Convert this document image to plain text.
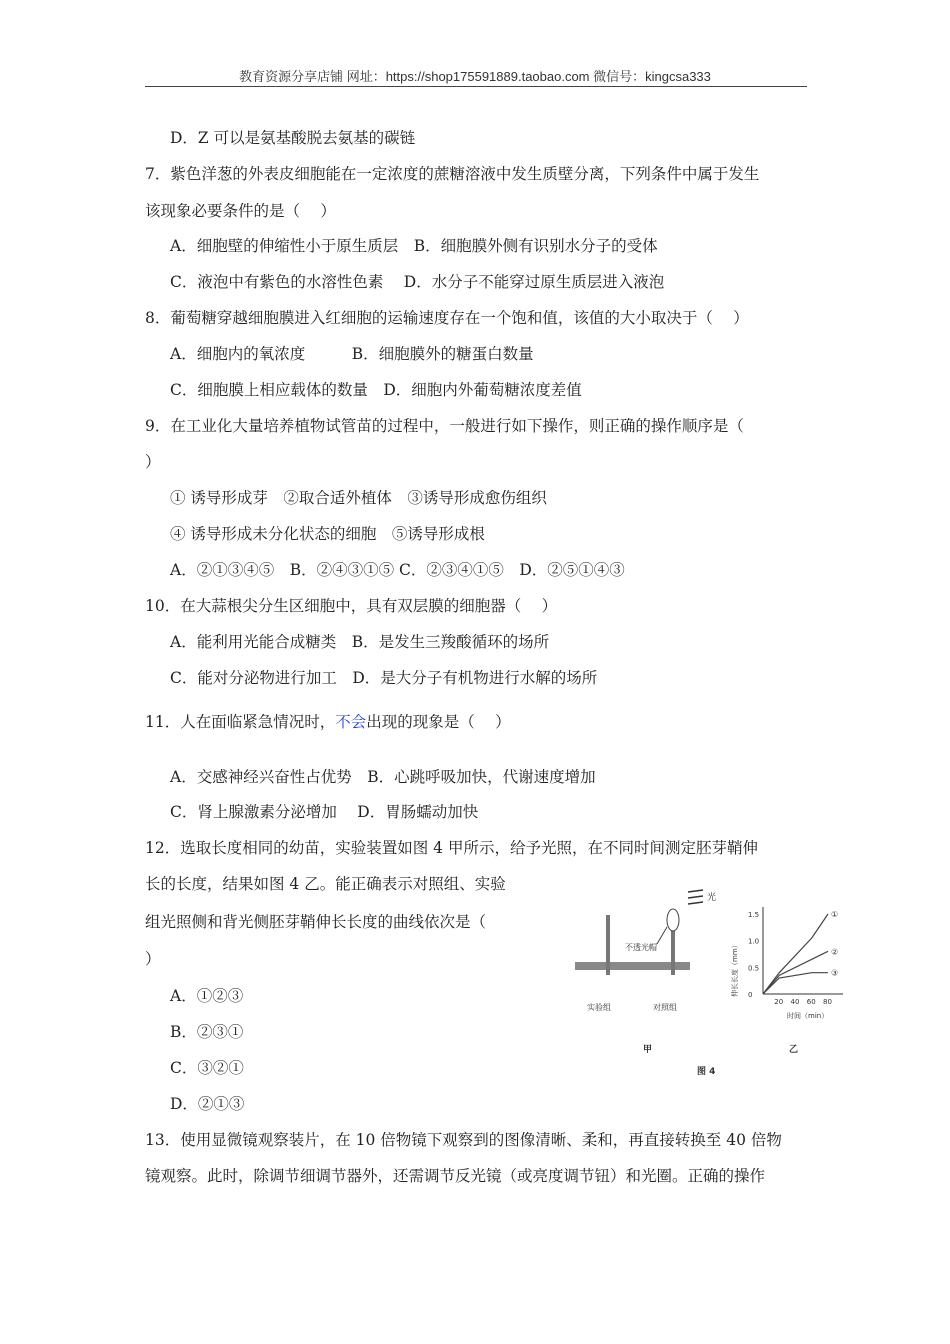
教育资源分享店铺 网址：https://shop175591889.taobao.com 微信号：kingcsa333
D．Z 可以是氨基酸脱去氨基的碳链
7．紫色洋葱的外表皮细胞能在一定浓度的蔗糖溶液中发生质壁分离，下列条件中属于发生
该现象必要条件的是（　 ）
A．细胞壁的伸缩性小于原生质层　B．细胞膜外侧有识别水分子的受体
C．液泡中有紫色的水溶性色素　 D．水分子不能穿过原生质层进入液泡
8．葡萄糖穿越细胞膜进入红细胞的运输速度存在一个饱和值，该值的大小取决于（　 ）
A．细胞内的氧浓度　　　B．细胞膜外的糖蛋白数量
C．细胞膜上相应载体的数量　D．细胞内外葡萄糖浓度差值
9．在工业化大量培养植物试管苗的过程中，一般进行如下操作，则正确的操作顺序是（
）
① 诱导形成芽　②取合适外植体　③诱导形成愈伤组织
④ 诱导形成未分化状态的细胞　⑤诱导形成根
A．②①③④⑤　B．②④③①⑤ C．②③④①⑤　D．②⑤①④③
10．在大蒜根尖分生区细胞中，具有双层膜的细胞器（　 ）
A．能利用光能合成糖类　B．是发生三羧酸循环的场所
C．能对分泌物进行加工　D．是大分子有机物进行水解的场所
A．交感神经兴奋性占优势　B．心跳呼吸加快，代谢速度增加
C．肾上腺激素分泌增加　 D．胃肠蠕动加快
12．选取长度相同的幼苗，实验装置如图 4 甲所示，给予光照，在不同时间测定胚芽鞘伸
长的长度，结果如图 4 乙。能正确表示对照组、实验
组光照侧和背光侧胚芽鞘伸长长度的曲线依次是（
）
A．①②③
B．②③①
C．③②①
D．②①③
13．使用显微镜观察装片，在 10 倍物镜下观察到的图像清晰、柔和，再直接转换至 40 倍物
镜观察。此时，除调节细调节器外，还需调节反光镜（或亮度调节钮）和光圈。正确的操作
11．人在面临紧急情况时，不会出现的现象是（　 ）
光
不透光帽
实验组	对照组
甲	乙
图 4
1.5
1.0
0.5
0
20 40 60 80
①
②
③
伸长长度（mm）
时间（min）
